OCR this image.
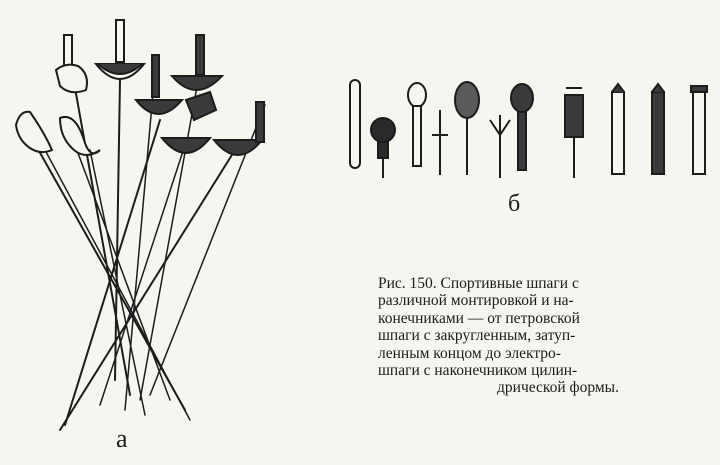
а
б
Рис. 150. Спортивные шпаги с
различной монтировкой и на-
конечниками — от петровской
шпаги с закругленным, затуп-
ленным концом до электро-
шпаги с наконечником цилин-
дрической формы.
